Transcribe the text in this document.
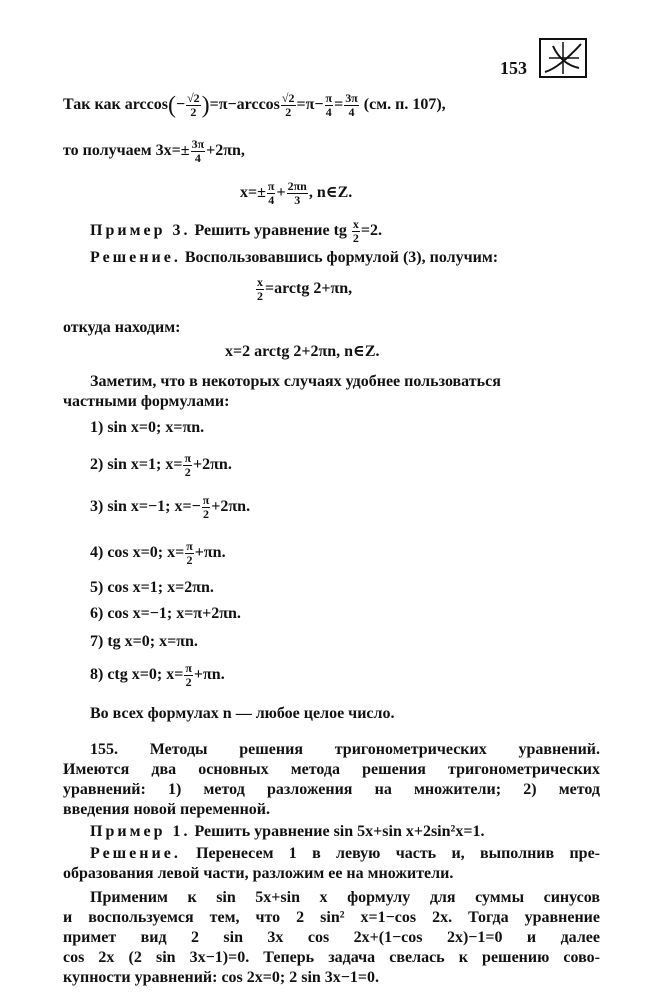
153
Так как $\arccos(- \frac{√2}{2} )=\pi-\arccos \frac{√2}{2} =\pi- \frac{\pi}{4} = \frac{3\pi}{4} (см$. п. 107),
то получаем $3x=\pm \frac{3\pi}{4} +2\pi n$,
$x=\pm \frac{\pi}{4} + \frac{2\pi n}{3}$ , n∈Z.
Пример 3. Решить уравнение tg $\frac{x}{2} =2$.
Решение. Воспользовавшись формулой (3), получим:
$\frac{x}{2}$ =arctg 2+πn,
откуда находим:
x=2 arctg 2+2πn, n∈Z.
Заметим, что в некоторых случаях удобнее пользоваться
частными формулами:
1) sin x=0; x=πn.
2) sin x=1; $x= \frac{\pi}{2} +2\pi n$.
3) sin x=−1; $x=- \frac{\pi}{2} +2\pi n$.
4) cos x=0; $x= \frac{\pi}{2} +\pi n$.
5) cos x=1; x=2πn.
6) cos x=−1; x=π+2πn.
7) tg x=0; x=πn.
8) ctg x=0; $x= \frac{\pi}{2} +\pi n$.
Во всех формулах n — любое целое число.
155. Методы решения тригонометрических уравнений.
Имеются два основных метода решения тригонометрических
уравнений: 1) метод разложения на множители; 2) метод
введения новой переменной.
Пример 1. Решить уравнение sin 5x+sin x+2sin²x=1.
Решение. Перенесем 1 в левую часть и, выполнив пре-
образования левой части, разложим ее на множители.
Применим к sin 5x+sin x формулу для суммы синусов
и воспользуемся тем, что 2 sin² x=1−cos 2x. Тогда уравнение
примет вид 2 sin 3x cos 2x+(1−cos 2x)−1=0 и далее
cos 2x (2 sin 3x−1)=0. Теперь задача свелась к решению сово-
купности уравнений: cos 2x=0; 2 sin 3x−1=0.
